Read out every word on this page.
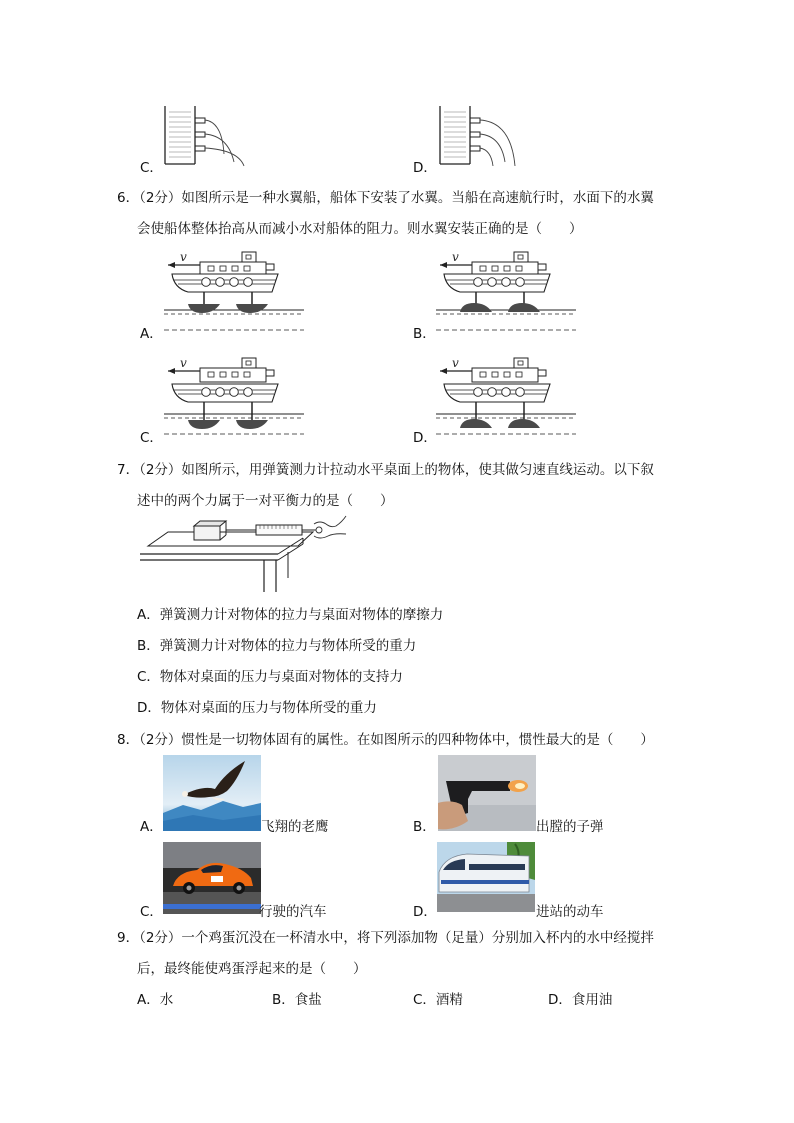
C．	D．
6．（2分）如图所示是一种水翼船，船体下安装了水翼。当船在高速航行时，水面下的水翼
会使船体整体抬高从而减小水对船体的阻力。则水翼安装正确的是（　　）
A．
v
B．
v
C．
v
D．
v
7．（2分）如图所示，用弹簧测力计拉动水平桌面上的物体，使其做匀速直线运动。以下叙
述中的两个力属于一对平衡力的是（　　）
A．弹簧测力计对物体的拉力与桌面对物体的摩擦力
B．弹簧测力计对物体的拉力与物体所受的重力
C．物体对桌面的压力与桌面对物体的支持力
D．物体对桌面的压力与物体所受的重力
8．（2分）惯性是一切物体固有的属性。在如图所示的四种物体中，惯性最大的是（　　）
A．	飞翔的老鹰	B．	出膛的子弹
C．	行驶的汽车	D．	进站的动车
9．（2分）一个鸡蛋沉没在一杯清水中，将下列添加物（足量）分别加入杯内的水中经搅拌
后，最终能使鸡蛋浮起来的是（　　）
A．水	B．食盐	C．酒精	D．食用油
